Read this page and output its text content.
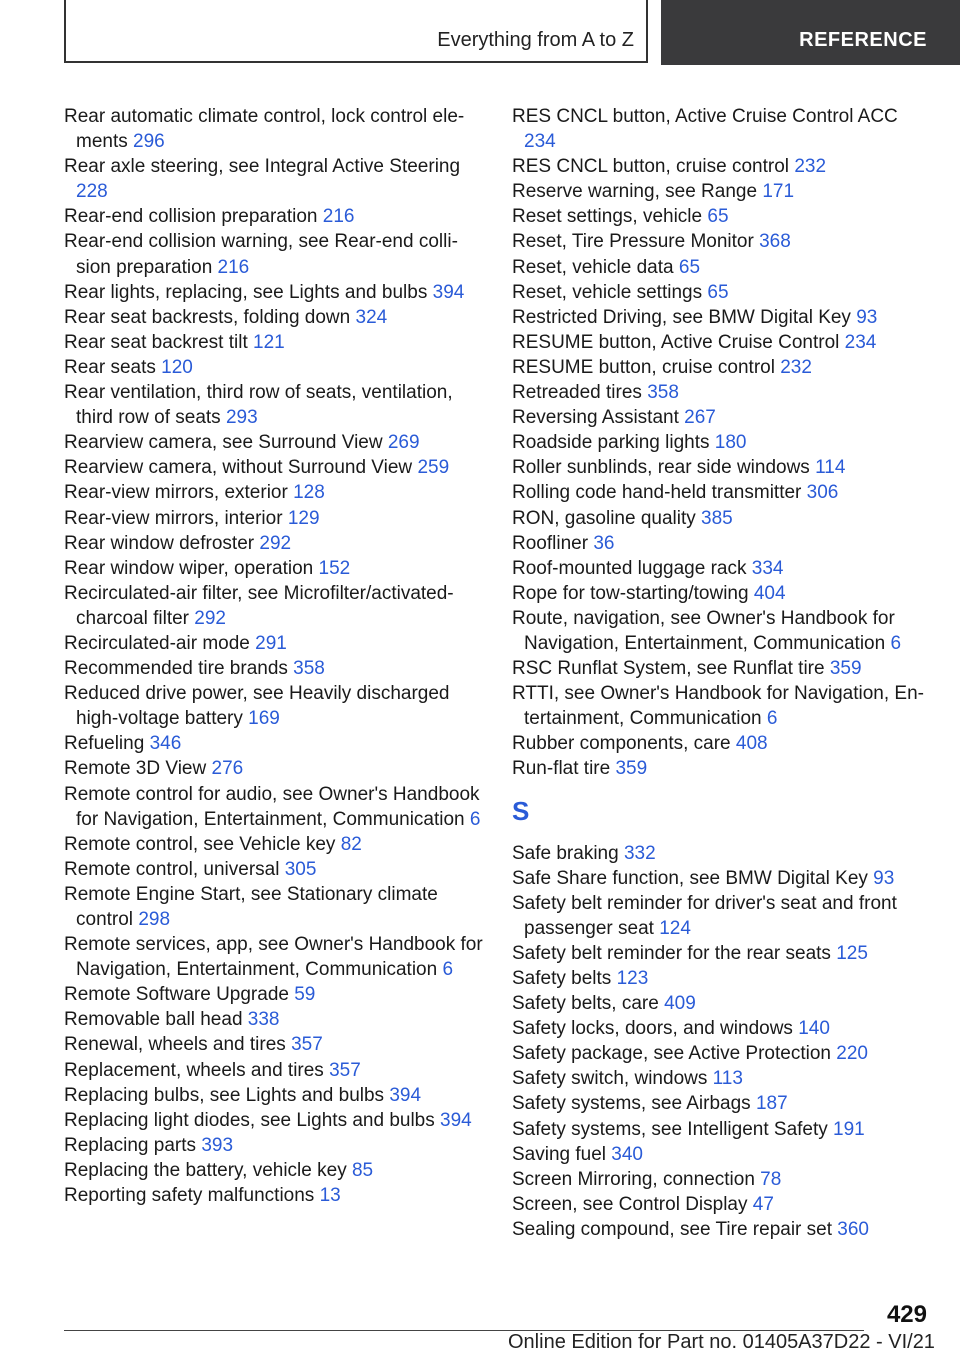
Everything from A to Z	REFERENCE
Rear automatic climate control, lock control elements 296
Rear axle steering, see Integral Active Steering 228
Rear-end collision preparation 216
Rear-end collision warning, see Rear-end collision preparation 216
Rear lights, replacing, see Lights and bulbs 394
Rear seat backrests, folding down 324
Rear seat backrest tilt 121
Rear seats 120
Rear ventilation, third row of seats, ventilation, third row of seats 293
Rearview camera, see Surround View 269
Rearview camera, without Surround View 259
Rear-view mirrors, exterior 128
Rear-view mirrors, interior 129
Rear window defroster 292
Rear window wiper, operation 152
Recirculated-air filter, see Microfilter/activated-charcoal filter 292
Recirculated-air mode 291
Recommended tire brands 358
Reduced drive power, see Heavily discharged high-voltage battery 169
Refueling 346
Remote 3D View 276
Remote control for audio, see Owner's Handbook for Navigation, Entertainment, Communication 6
Remote control, see Vehicle key 82
Remote control, universal 305
Remote Engine Start, see Stationary climate control 298
Remote services, app, see Owner's Handbook for Navigation, Entertainment, Communication 6
Remote Software Upgrade 59
Removable ball head 338
Renewal, wheels and tires 357
Replacement, wheels and tires 357
Replacing bulbs, see Lights and bulbs 394
Replacing light diodes, see Lights and bulbs 394
Replacing parts 393
Replacing the battery, vehicle key 85
Reporting safety malfunctions 13
RES CNCL button, Active Cruise Control ACC 234
RES CNCL button, cruise control 232
Reserve warning, see Range 171
Reset settings, vehicle 65
Reset, Tire Pressure Monitor 368
Reset, vehicle data 65
Reset, vehicle settings 65
Restricted Driving, see BMW Digital Key 93
RESUME button, Active Cruise Control 234
RESUME button, cruise control 232
Retreaded tires 358
Reversing Assistant 267
Roadside parking lights 180
Roller sunblinds, rear side windows 114
Rolling code hand-held transmitter 306
RON, gasoline quality 385
Roofliner 36
Roof-mounted luggage rack 334
Rope for tow-starting/towing 404
Route, navigation, see Owner's Handbook for Navigation, Entertainment, Communication 6
RSC Runflat System, see Runflat tire 359
RTTI, see Owner's Handbook for Navigation, Entertainment, Communication 6
Rubber components, care 408
Run-flat tire 359
S
Safe braking 332
Safe Share function, see BMW Digital Key 93
Safety belt reminder for driver's seat and front passenger seat 124
Safety belt reminder for the rear seats 125
Safety belts 123
Safety belts, care 409
Safety locks, doors, and windows 140
Safety package, see Active Protection 220
Safety switch, windows 113
Safety systems, see Airbags 187
Safety systems, see Intelligent Safety 191
Saving fuel 340
Screen Mirroring, connection 78
Screen, see Control Display 47
Sealing compound, see Tire repair set 360
429
Online Edition for Part no. 01405A37D22 - VI/21
